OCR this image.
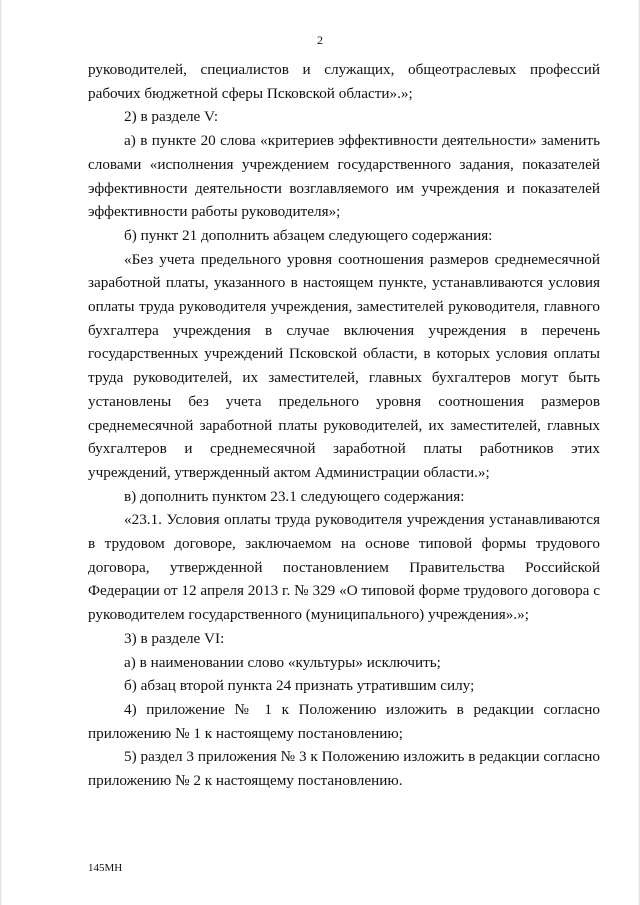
2

руководителей, специалистов и служащих, общеотраслевых профессий рабочих бюджетной сферы Псковской области».»;

2) в разделе V:

а) в пункте 20 слова «критериев эффективности деятельности» заменить словами «исполнения учреждением государственного задания, показателей эффективности деятельности возглавляемого им учреждения и показателей эффективности работы руководителя»;

б) пункт 21 дополнить абзацем следующего содержания:

«Без учета предельного уровня соотношения размеров среднемесячной заработной платы, указанного в настоящем пункте, устанавливаются условия оплаты труда руководителя учреждения, заместителей руководителя, главного бухгалтера учреждения в случае включения учреждения в перечень государственных учреждений Псковской области, в которых условия оплаты труда руководителей, их заместителей, главных бухгалтеров могут быть установлены без учета предельного уровня соотношения размеров среднемесячной заработной платы руководителей, их заместителей, главных бухгалтеров и среднемесячной заработной платы работников этих учреждений, утвержденный актом Администрации области.»;

в) дополнить пунктом 23.1 следующего содержания:

«23.1. Условия оплаты труда руководителя учреждения устанавливаются в трудовом договоре, заключаемом на основе типовой формы трудового договора, утвержденной постановлением Правительства Российской Федерации от 12 апреля 2013 г. № 329 «О типовой форме трудового договора с руководителем государственного (муниципального) учреждения».»;

3) в разделе VI:

а) в наименовании слово «культуры» исключить;

б) абзац второй пункта 24 признать утратившим силу;

4) приложение № 1 к Положению изложить в редакции согласно приложению № 1 к настоящему постановлению;

5) раздел 3 приложения № 3 к Положению изложить в редакции согласно приложению № 2 к настоящему постановлению.

145МН
